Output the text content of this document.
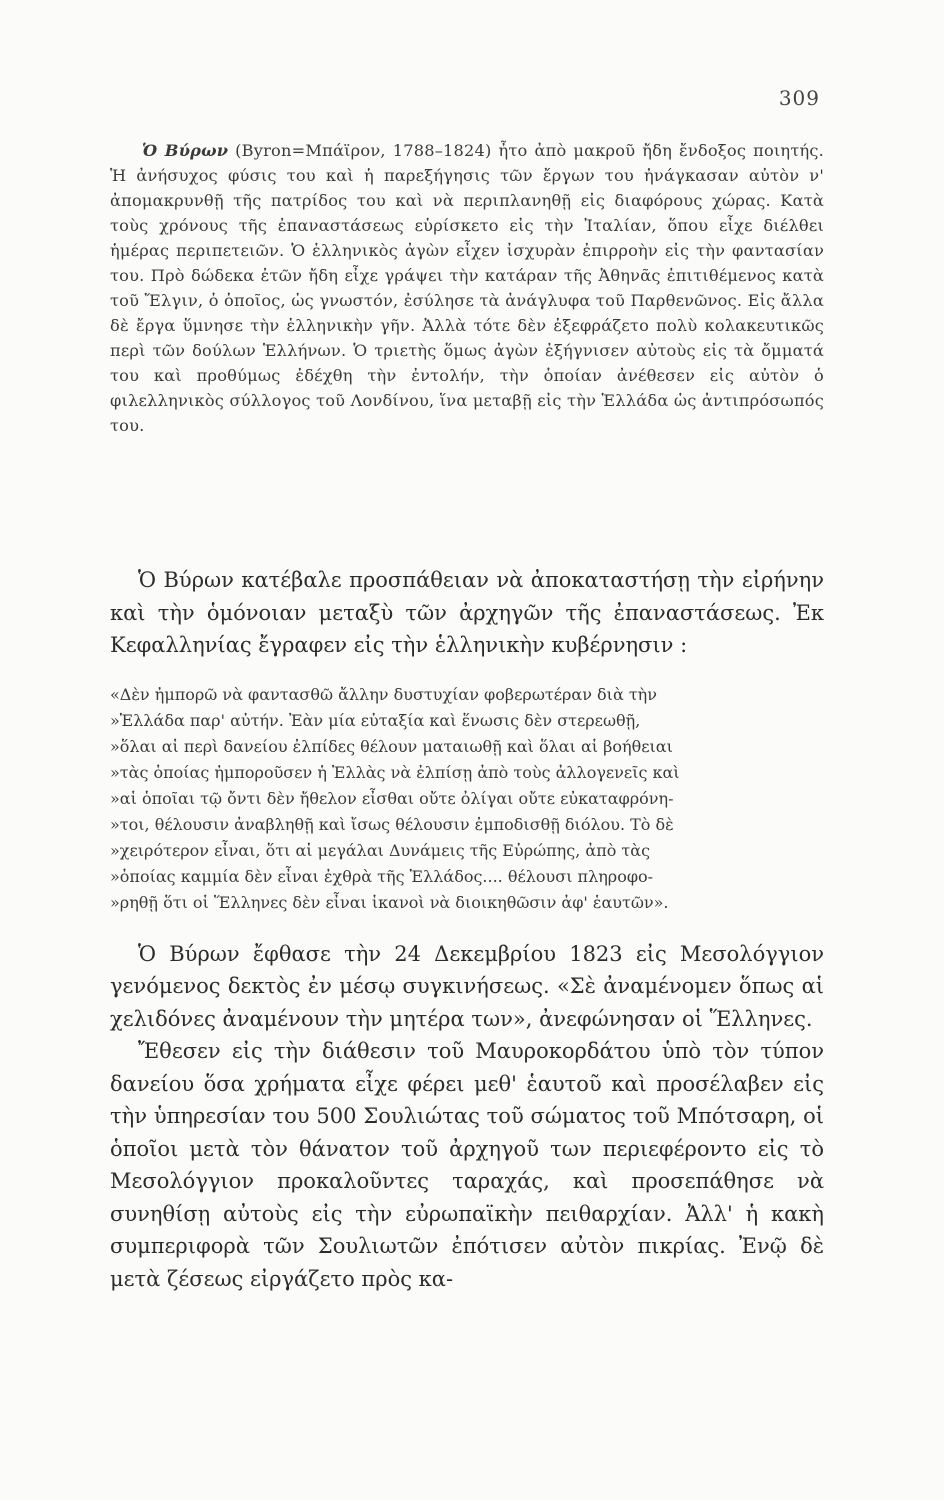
309

Ὁ Βύρων (Byron=Μπάϊρον, 1788–1824) ἦτο ἀπὸ μακροῦ ἤδη ἔνδοξος ποιητής. Ἡ ἀνήσυχος φύσις του καὶ ἡ παρεξήγησις τῶν ἔργων του ἠνάγκασαν αὐτὸν ν' ἀπομακρυνθῇ τῆς πατρίδος του καὶ νὰ περιπλανηθῇ εἰς διαφόρους χώρας. Κατὰ τοὺς χρόνους τῆς ἐπαναστάσεως εὑρίσκετο εἰς τὴν Ἰταλίαν, ὅπου εἶχε διέλθει ἡμέρας περιπετειῶν. Ὁ ἑλληνικὸς ἀγὼν εἶχεν ἰσχυρὰν ἐπιρροὴν εἰς τὴν φαντασίαν του. Πρὸ δώδεκα ἐτῶν ἤδη εἶχε γράψει τὴν κατάραν τῆς Ἀθηνᾶς ἐπιτιθέμενος κατὰ τοῦ Ἔλγιν, ὁ ὁποῖος, ὡς γνωστόν, ἐσύλησε τὰ ἀνάγλυφα τοῦ Παρθενῶνος. Εἰς ἄλλα δὲ ἔργα ὕμνησε τὴν ἑλληνικὴν γῆν. Ἀλλὰ τότε δὲν ἐξεφράζετο πολὺ κολακευτικῶς περὶ τῶν δούλων Ἑλλήνων. Ὁ τριετὴς ὅμως ἀγὼν ἐξήγνισεν αὐτοὺς εἰς τὰ ὄμματά του καὶ προθύμως ἐδέχθη τὴν ἐντολήν, τὴν ὁποίαν ἀνέθεσεν εἰς αὐτὸν ὁ φιλελληνικὸς σύλλογος τοῦ Λονδίνου, ἵνα μεταβῇ εἰς τὴν Ἑλλάδα ὡς ἀντιπρόσωπός του.

Ὁ Βύρων κατέβαλε προσπάθειαν νὰ ἀποκαταστήσῃ τὴν εἰρήνην καὶ τὴν ὁμόνοιαν μεταξὺ τῶν ἀρχηγῶν τῆς ἐπαναστάσεως. Ἐκ Κεφαλληνίας ἔγραφεν εἰς τὴν ἑλληνικὴν κυβέρνησιν :

«Δὲν ἠμπορῶ νὰ φαντασθῶ ἄλλην δυστυχίαν φοβερωτέραν διὰ τὴν
»Ἑλλάδα παρ' αὐτήν. Ἐὰν μία εὐταξία καὶ ἕνωσις δὲν στερεωθῇ,
»ὅλαι αἱ περὶ δανείου ἐλπίδες θέλουν ματαιωθῇ καὶ ὅλαι αἱ βοήθειαι
»τὰς ὁποίας ἠμποροῦσεν ἡ Ἑλλὰς νὰ ἐλπίσῃ ἀπὸ τοὺς ἀλλογενεῖς καὶ
»αἱ ὁποῖαι τῷ ὄντι δὲν ἤθελον εἶσθαι οὔτε ὀλίγαι οὔτε εὐκαταφρόνη-
»τοι, θέλουσιν ἀναβληθῇ καὶ ἴσως θέλουσιν ἐμποδισθῇ διόλου. Τὸ δὲ
»χειρότερον εἶναι, ὅτι αἱ μεγάλαι Δυνάμεις τῆς Εὐρώπης, ἀπὸ τὰς
»ὁποίας καμμία δὲν εἶναι ἐχθρὰ τῆς Ἑλλάδος.... θέλουσι πληροφο-
»ρηθῇ ὅτι οἱ Ἕλληνες δὲν εἶναι ἱκανοὶ νὰ διοικηθῶσιν ἀφ' ἑαυτῶν».

Ὁ Βύρων ἔφθασε τὴν 24 Δεκεμβρίου 1823 εἰς Μεσολόγγιον γενόμενος δεκτὸς ἐν μέσῳ συγκινήσεως. «Σὲ ἀναμένομεν ὅπως αἱ χελιδόνες ἀναμένουν τὴν μητέρα των», ἀνεφώνησαν οἱ Ἕλληνες.

Ἔθεσεν εἰς τὴν διάθεσιν τοῦ Μαυροκορδάτου ὑπὸ τὸν τύπον δανείου ὅσα χρήματα εἶχε φέρει μεθ' ἑαυτοῦ καὶ προσέλαβεν εἰς τὴν ὑπηρεσίαν του 500 Σουλιώτας τοῦ σώματος τοῦ Μπότσαρη, οἱ ὁποῖοι μετὰ τὸν θάνατον τοῦ ἀρχηγοῦ των περιεφέροντο εἰς τὸ Μεσολόγγιον προκαλοῦντες ταραχάς, καὶ προσεπάθησε νὰ συνηθίσῃ αὐτοὺς εἰς τὴν εὐρωπαϊκὴν πειθαρχίαν. Ἀλλ' ἡ κακὴ συμπεριφορὰ τῶν Σουλιωτῶν ἐπότισεν αὐτὸν πικρίας. Ἐνῷ δὲ μετὰ ζέσεως εἰργάζετο πρὸς κα-
